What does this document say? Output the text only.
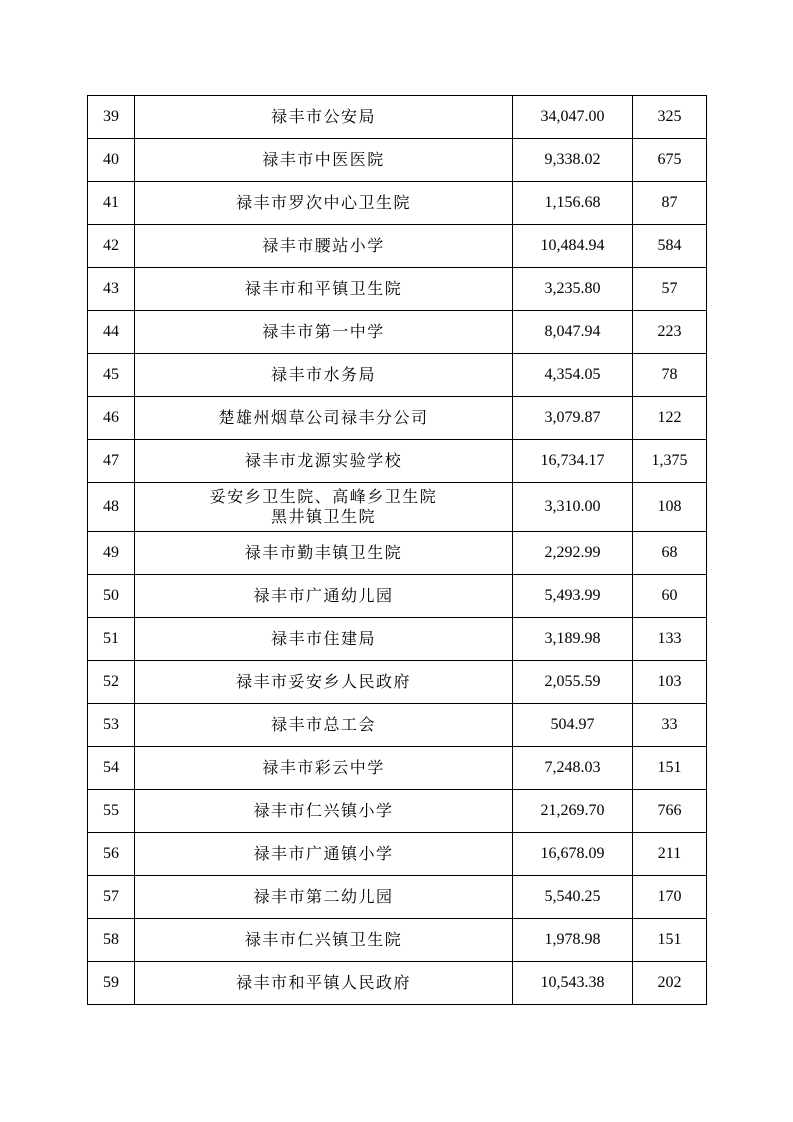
39	禄丰市公安局	34,047.00	325
40	禄丰市中医医院	9,338.02	675
41	禄丰市罗次中心卫生院	1,156.68	87
42	禄丰市腰站小学	10,484.94	584
43	禄丰市和平镇卫生院	3,235.80	57
44	禄丰市第一中学	8,047.94	223
45	禄丰市水务局	4,354.05	78
46	楚雄州烟草公司禄丰分公司	3,079.87	122
47	禄丰市龙源实验学校	16,734.17	1,375
48	妥安乡卫生院、高峰乡卫生院
黑井镇卫生院	3,310.00	108
49	禄丰市勤丰镇卫生院	2,292.99	68
50	禄丰市广通幼儿园	5,493.99	60
51	禄丰市住建局	3,189.98	133
52	禄丰市妥安乡人民政府	2,055.59	103
53	禄丰市总工会	504.97	33
54	禄丰市彩云中学	7,248.03	151
55	禄丰市仁兴镇小学	21,269.70	766
56	禄丰市广通镇小学	16,678.09	211
57	禄丰市第二幼儿园	5,540.25	170
58	禄丰市仁兴镇卫生院	1,978.98	151
59	禄丰市和平镇人民政府	10,543.38	202
